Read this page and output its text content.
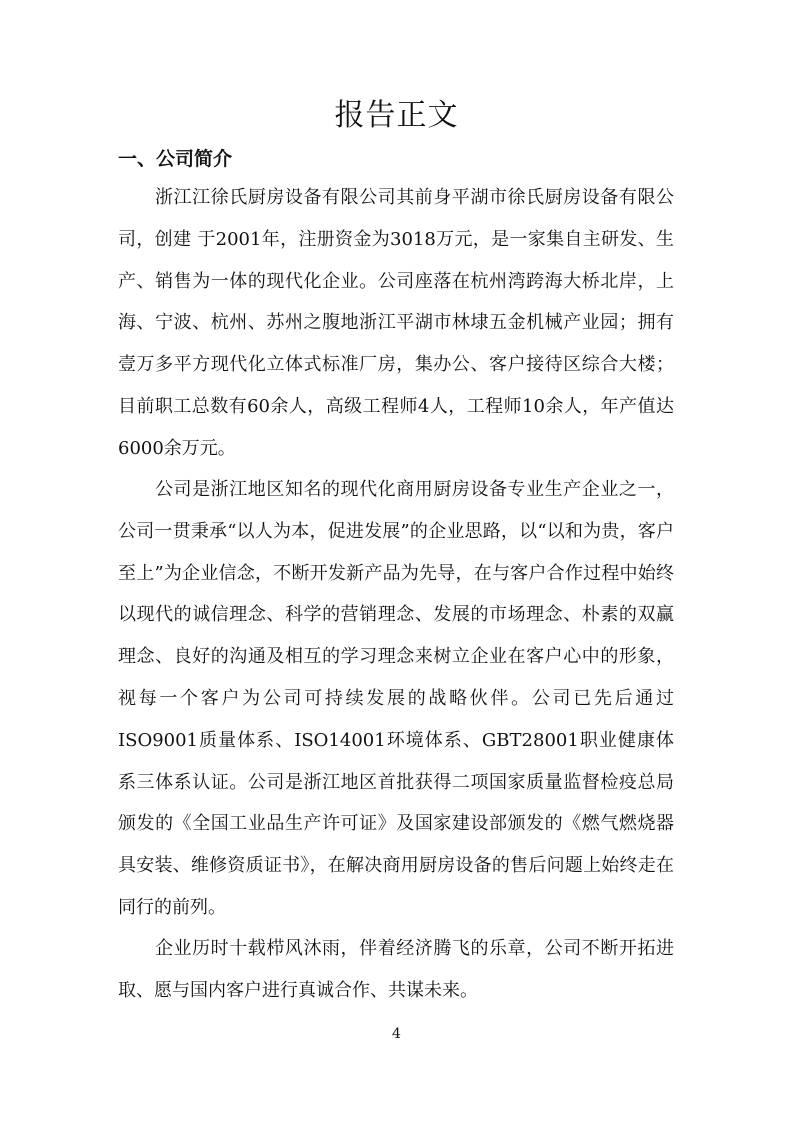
报告正文
一、公司简介

浙江江徐氏厨房设备有限公司其前身平湖市徐氏厨房设备有限公司，创建 于2001年，注册资金为3018万元，是一家集自主研发、生产、销售为一体的现代化企业。公司座落在杭州湾跨海大桥北岸，上海、宁波、杭州、苏州之腹地浙江平湖市林埭五金机械产业园；拥有壹万多平方现代化立体式标准厂房，集办公、客户接待区综合大楼；目前职工总数有60余人，高级工程师4人，工程师10余人，年产值达6000余万元。

公司是浙江地区知名的现代化商用厨房设备专业生产企业之一，公司一贯秉承“以人为本，促进发展”的企业思路，以“以和为贵，客户至上”为企业信念，不断开发新产品为先导，在与客户合作过程中始终以现代的诚信理念、科学的营销理念、发展的市场理念、朴素的双赢理念、良好的沟通及相互的学习理念来树立企业在客户心中的形象，视每一个客户为公司可持续发展的战略伙伴。公司已先后通过ISO9001质量体系、ISO14001环境体系、GBT28001职业健康体系三体系认证。公司是浙江地区首批获得二项国家质量监督检疫总局颁发的《全国工业品生产许可证》及国家建设部颁发的《燃气燃烧器具安装、维修资质证书》，在解决商用厨房设备的售后问题上始终走在同行的前列。

企业历时十载栉风沐雨，伴着经济腾飞的乐章，公司不断开拓进取、愿与国内客户进行真诚合作、共谋未来。

4
